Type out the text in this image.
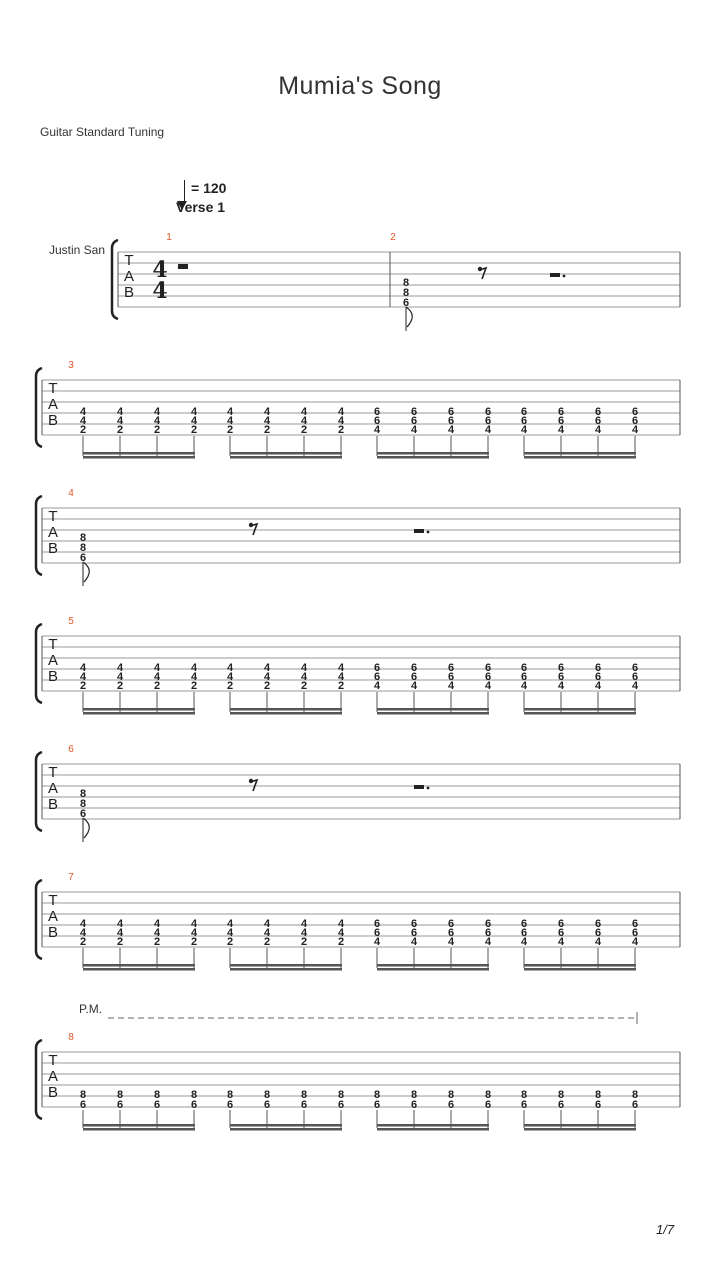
Mumia's Song
Guitar Standard Tuning
= 120
Verse 1
Justin San
P.M.
1/7
T
A
B
1	2
4
4	8
8
6
T
A
B
3
4
4
2
4
4
2
4
4
2
4
4
2
4
4
2
4
4
2
4
4
2
4
4
2
6
6
4
6
6
4
6
6
4
6
6
4
6
6
4
6
6
4
6
6
4
6
6
4
T
A
B
4
8
8
6
T
A
B
5
4
4
2
4
4
2
4
4
2
4
4
2
4
4
2
4
4
2
4
4
2
4
4
2
6
6
4
6
6
4
6
6
4
6
6
4
6
6
4
6
6
4
6
6
4
6
6
4
T
A
B
6
8
8
6
T
A
B
7
4
4
2
4
4
2
4
4
2
4
4
2
4
4
2
4
4
2
4
4
2
4
4
2
6
6
4
6
6
4
6
6
4
6
6
4
6
6
4
6
6
4
6
6
4
6
6
4
T
A
B
8
8
6
8
6
8
6
8
6
8
6
8
6
8
6
8
6
8
6
8
6
8
6
8
6
8
6
8
6
8
6
8
6
